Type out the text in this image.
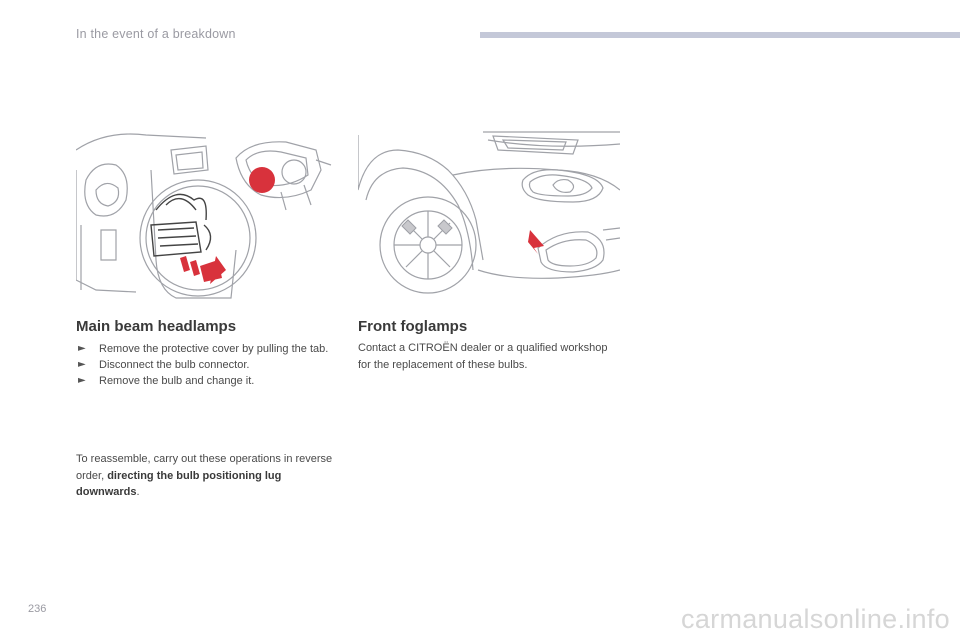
In the event of a breakdown
Main beam headlamps
► Remove the protective cover by pulling the tab.
► Disconnect the bulb connector.
► Remove the bulb and change it.

To reassemble, carry out these operations in reverse order, directing the bulb positioning lug downwards.

Front foglamps

Contact a CITROËN dealer or a qualified workshop for the replacement of these bulbs.

236	carmanualsonline.info
